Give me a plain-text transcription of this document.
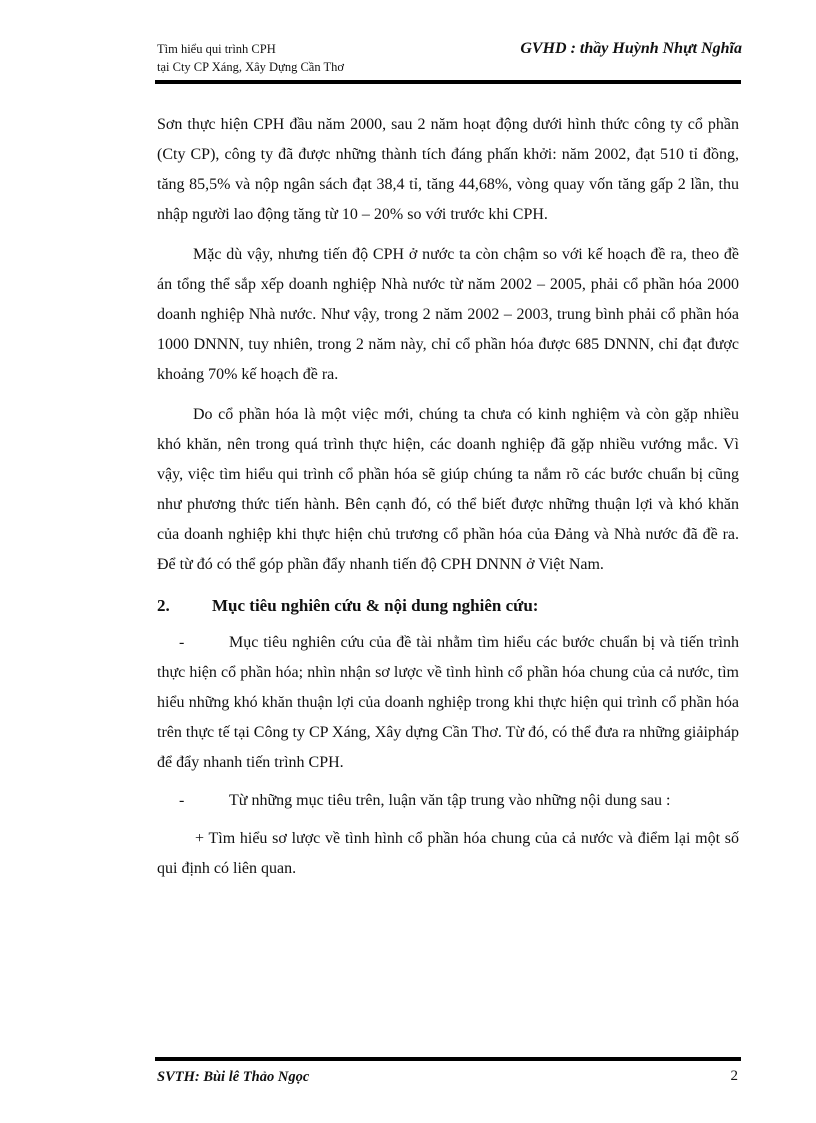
Tìm hiểu qui trình CPH
tại Cty CP Xáng, Xây Dựng Cần Thơ
GVHD : thầy Huỳnh Nhựt Nghĩa

Sơn thực hiện CPH đầu năm 2000, sau 2 năm hoạt động dưới hình thức công ty cổ phần (Cty CP), công ty đã được những thành tích đáng phấn khởi: năm 2002, đạt 510 tỉ đồng, tăng 85,5% và nộp ngân sách đạt 38,4 tỉ, tăng 44,68%, vòng quay vốn tăng gấp 2 lần, thu nhập người lao động tăng từ 10 – 20% so với trước khi CPH.

Mặc dù vậy, nhưng tiến độ CPH ở nước ta còn chậm so với kế hoạch đề ra, theo đề án tổng thể sắp xếp doanh nghiệp Nhà nước từ năm 2002 – 2005, phải cổ phần hóa 2000 doanh nghiệp Nhà nước. Như vậy, trong 2 năm 2002 – 2003, trung bình phải cổ phần hóa 1000 DNNN, tuy nhiên, trong 2 năm này, chỉ cổ phần hóa được 685 DNNN, chỉ đạt được khoảng 70% kế hoạch đề ra.

Do cổ phần hóa là một việc mới, chúng ta chưa có kinh nghiệm và còn gặp nhiều khó khăn, nên trong quá trình thực hiện, các doanh nghiệp đã gặp nhiều vướng mắc. Vì vậy, việc tìm hiểu qui trình cổ phần hóa sẽ giúp chúng ta nắm rõ các bước chuẩn bị cũng như phương thức tiến hành. Bên cạnh đó, có thể biết được những thuận lợi và khó khăn của doanh nghiệp khi thực hiện chủ trương cổ phần hóa của Đảng và Nhà nước đã đề ra. Để từ đó có thể góp phần đẩy nhanh tiến độ CPH DNNN ở Việt Nam.

2.	Mục tiêu nghiên cứu & nội dung nghiên cứu:

-	Mục tiêu nghiên cứu của đề tài nhằm tìm hiểu các bước chuẩn bị và tiến trình thực hiện cổ phần hóa; nhìn nhận sơ lược về tình hình cổ phần hóa chung của cả nước, tìm hiểu những khó khăn thuận lợi của doanh nghiệp trong khi thực hiện qui trình cổ phần hóa trên thực tế tại Công ty CP Xáng, Xây dựng Cần Thơ. Từ đó, có thể đưa ra những giảipháp để đẩy nhanh tiến trình CPH.

-	Từ những mục tiêu trên, luận văn tập trung vào những nội dung sau :

+ Tìm hiểu sơ lược về tình hình cổ phần hóa chung của cả nước và điểm lại một số qui định có liên quan.

SVTH: Bùi lê Thảo Ngọc	2
